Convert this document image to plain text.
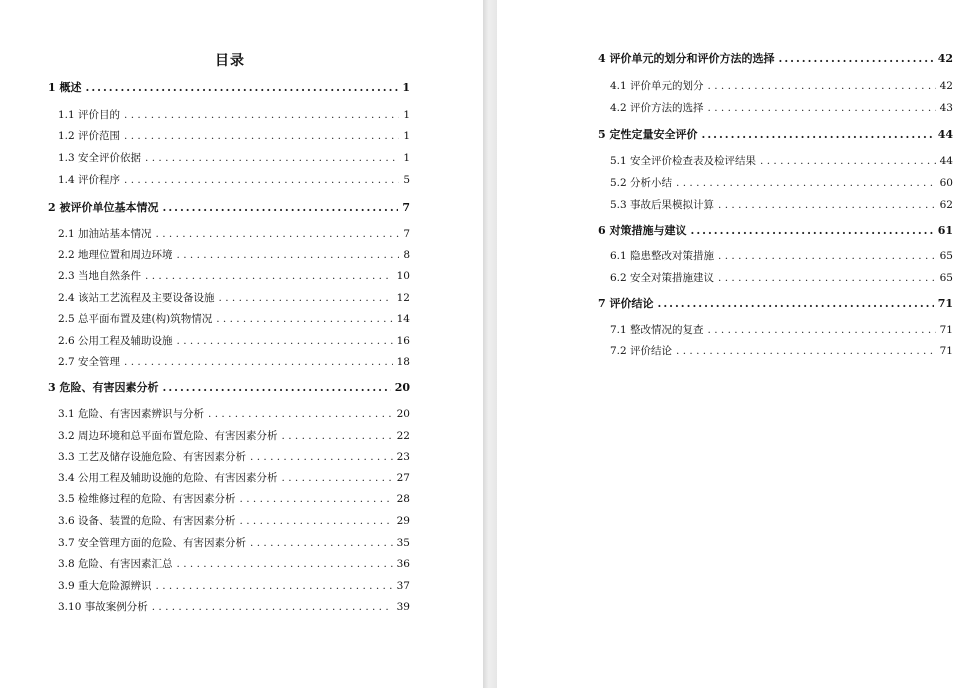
目录
1 概述 .....	1
1.1 评价目的 . . .	1
1.2 评价范围 . . .	1
1.3 安全评价依据 . . .	1
1.4 评价程序 . . .	5
2 被评价单位基本情况 .....	7
2.1 加油站基本情况 . . .	7
2.2 地理位置和周边环境 . . .	8
2.3 当地自然条件 . . .	10
2.4 该站工艺流程及主要设备设施 . . .	12
2.5 总平面布置及建(构)筑物情况 . . .	14
2.6 公用工程及辅助设施 . . .	16
2.7 安全管理 . . .	18
3 危险、有害因素分析 .....	20
3.1 危险、有害因素辨识与分析 . . .	20
3.2 周边环境和总平面布置危险、有害因素分析 . . .	22
3.3 工艺及储存设施危险、有害因素分析 . . .	23
3.4 公用工程及辅助设施的危险、有害因素分析 . . .	27
3.5 检维修过程的危险、有害因素分析 . . .	28
3.6 设备、装置的危险、有害因素分析 . . .	29
3.7 安全管理方面的危险、有害因素分析 . . .	35
3.8 危险、有害因素汇总 . . .	36
3.9 重大危险源辨识 . . .	37
3.10 事故案例分析 . . .	39
4 评价单元的划分和评价方法的选择 .....	42
4.1 评价单元的划分 . . .	42
4.2 评价方法的选择 . . .	43
5 定性定量安全评价 .....	44
5.1 安全评价检查表及检评结果 . . .	44
5.2 分析小结 . . .	60
5.3 事故后果模拟计算 . . .	62
6 对策措施与建议 .....	61
6.1 隐患整改对策措施 . . .	65
6.2 安全对策措施建议 . . .	65
7 评价结论 .....	71
7.1 整改情况的复查 . . .	71
7.2 评价结论 . . .	71
